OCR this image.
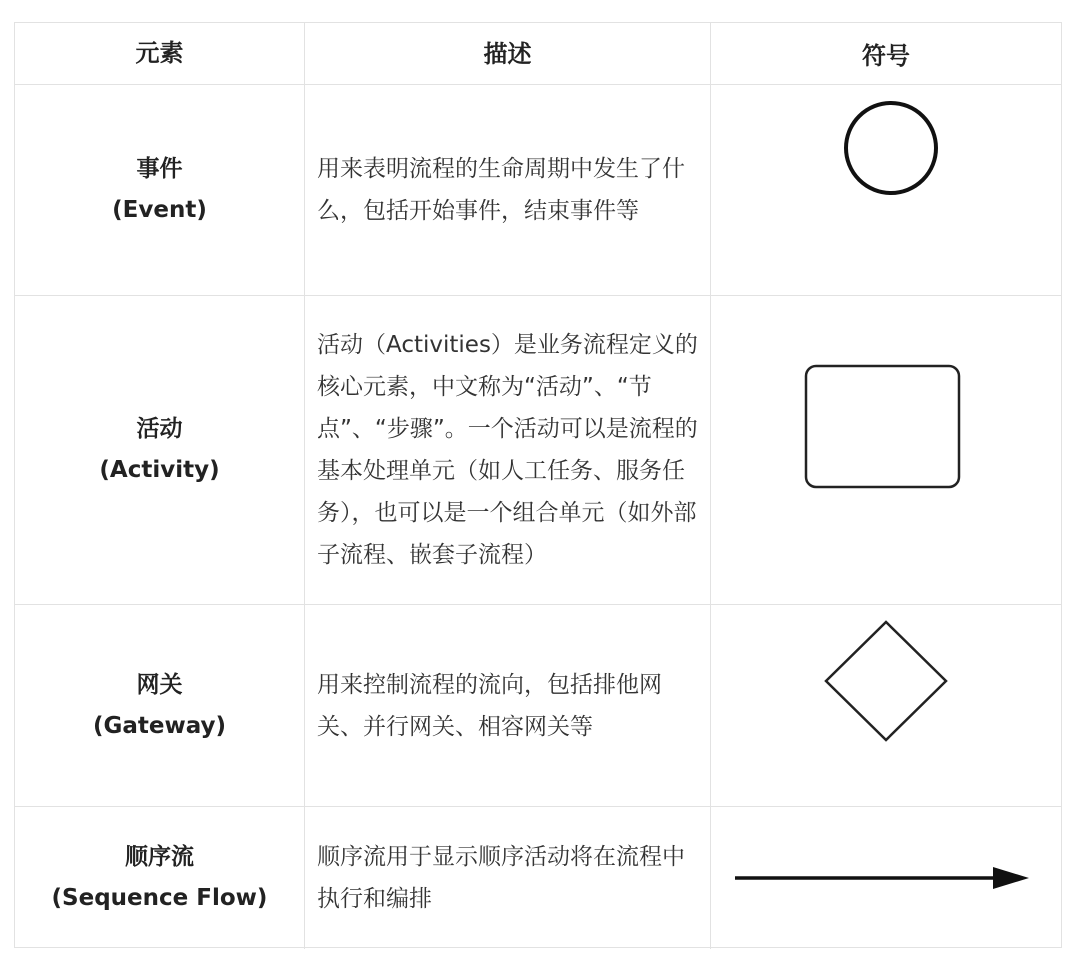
元素	描述	符号
事件
(Event)
用来表明流程的生命周期中发生了什么，包括开始事件，结束事件等
活动
(Activity)
活动（Activities）是业务流程定义的核心元素，中文称为“活动”、“节点”、“步骤”。一个活动可以是流程的基本处理单元（如人工任务、服务任务），也可以是一个组合单元（如外部子流程、嵌套子流程）
网关
(Gateway)
用来控制流程的流向，包括排他网关、并行网关、相容网关等
顺序流
(Sequence Flow)
顺序流用于显示顺序活动将在流程中执行和编排
